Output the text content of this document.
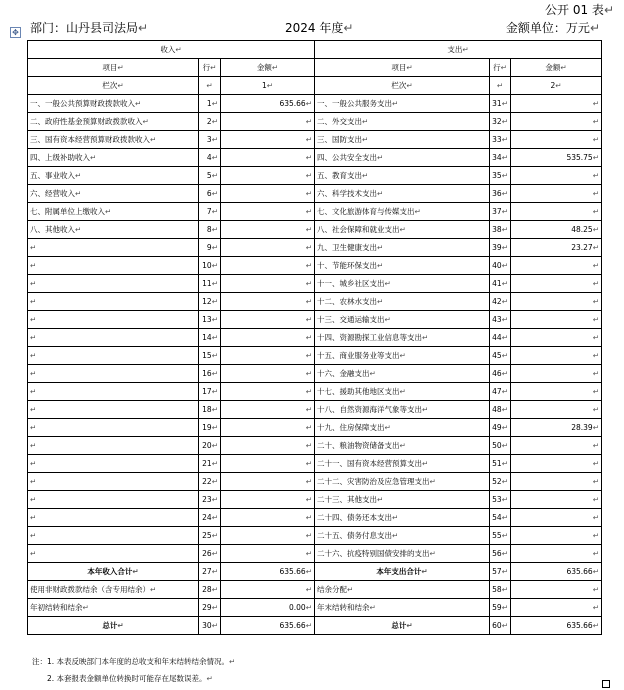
公开 01 表↵
✥ 部门：山丹县司法局↵	2024 年度↵	金额单位：万元↵
收入↵			支出↵		
项目↵	行↵	金额↵	项目↵	行↵	金额↵
栏次↵	↵	1↵	栏次↵	↵	2↵
一、一般公共预算财政拨款收入↵	1↵	635.66↵	一、一般公共服务支出↵	31↵	↵
二、政府性基金预算财政拨款收入↵	2↵	↵	二、外交支出↵	32↵	↵
三、国有资本经营预算财政拨款收入↵	3↵	↵	三、国防支出↵	33↵	↵
四、上级补助收入↵	4↵	↵	四、公共安全支出↵	34↵	535.75↵
五、事业收入↵	5↵	↵	五、教育支出↵	35↵	↵
六、经营收入↵	6↵	↵	六、科学技术支出↵	36↵	↵
七、附属单位上缴收入↵	7↵	↵	七、文化旅游体育与传媒支出↵	37↵	↵
八、其他收入↵	8↵	↵	八、社会保障和就业支出↵	38↵	48.25↵
↵	9↵	↵	九、卫生健康支出↵	39↵	23.27↵
↵	10↵	↵	十、节能环保支出↵	40↵	↵
↵	11↵	↵	十一、城乡社区支出↵	41↵	↵
↵	12↵	↵	十二、农林水支出↵	42↵	↵
↵	13↵	↵	十三、交通运输支出↵	43↵	↵
↵	14↵	↵	十四、资源勘探工业信息等支出↵	44↵	↵
↵	15↵	↵	十五、商业服务业等支出↵	45↵	↵
↵	16↵	↵	十六、金融支出↵	46↵	↵
↵	17↵	↵	十七、援助其他地区支出↵	47↵	↵
↵	18↵	↵	十八、自然资源海洋气象等支出↵	48↵	↵
↵	19↵	↵	十九、住房保障支出↵	49↵	28.39↵
↵	20↵	↵	二十、粮油物资储备支出↵	50↵	↵
↵	21↵	↵	二十一、国有资本经营预算支出↵	51↵	↵
↵	22↵	↵	二十二、灾害防治及应急管理支出↵	52↵	↵
↵	23↵	↵	二十三、其他支出↵	53↵	↵
↵	24↵	↵	二十四、债务还本支出↵	54↵	↵
↵	25↵	↵	二十五、债务付息支出↵	55↵	↵
↵	26↵	↵	二十六、抗疫特别国债安排的支出↵	56↵	↵
本年收入合计↵	27↵	635.66↵	本年支出合计↵	57↵	635.66↵
使用非财政拨款结余（含专用结余）↵	28↵	↵	结余分配↵	58↵	↵
年初结转和结余↵	29↵	0.00↵	年末结转和结余↵	59↵	↵
总计↵	30↵	635.66↵	总计↵	60↵	635.66↵
注：1. 本表反映部门本年度的总收支和年末结转结余情况。↵
　　2. 本套报表金额单位转换时可能存在尾数误差。↵
